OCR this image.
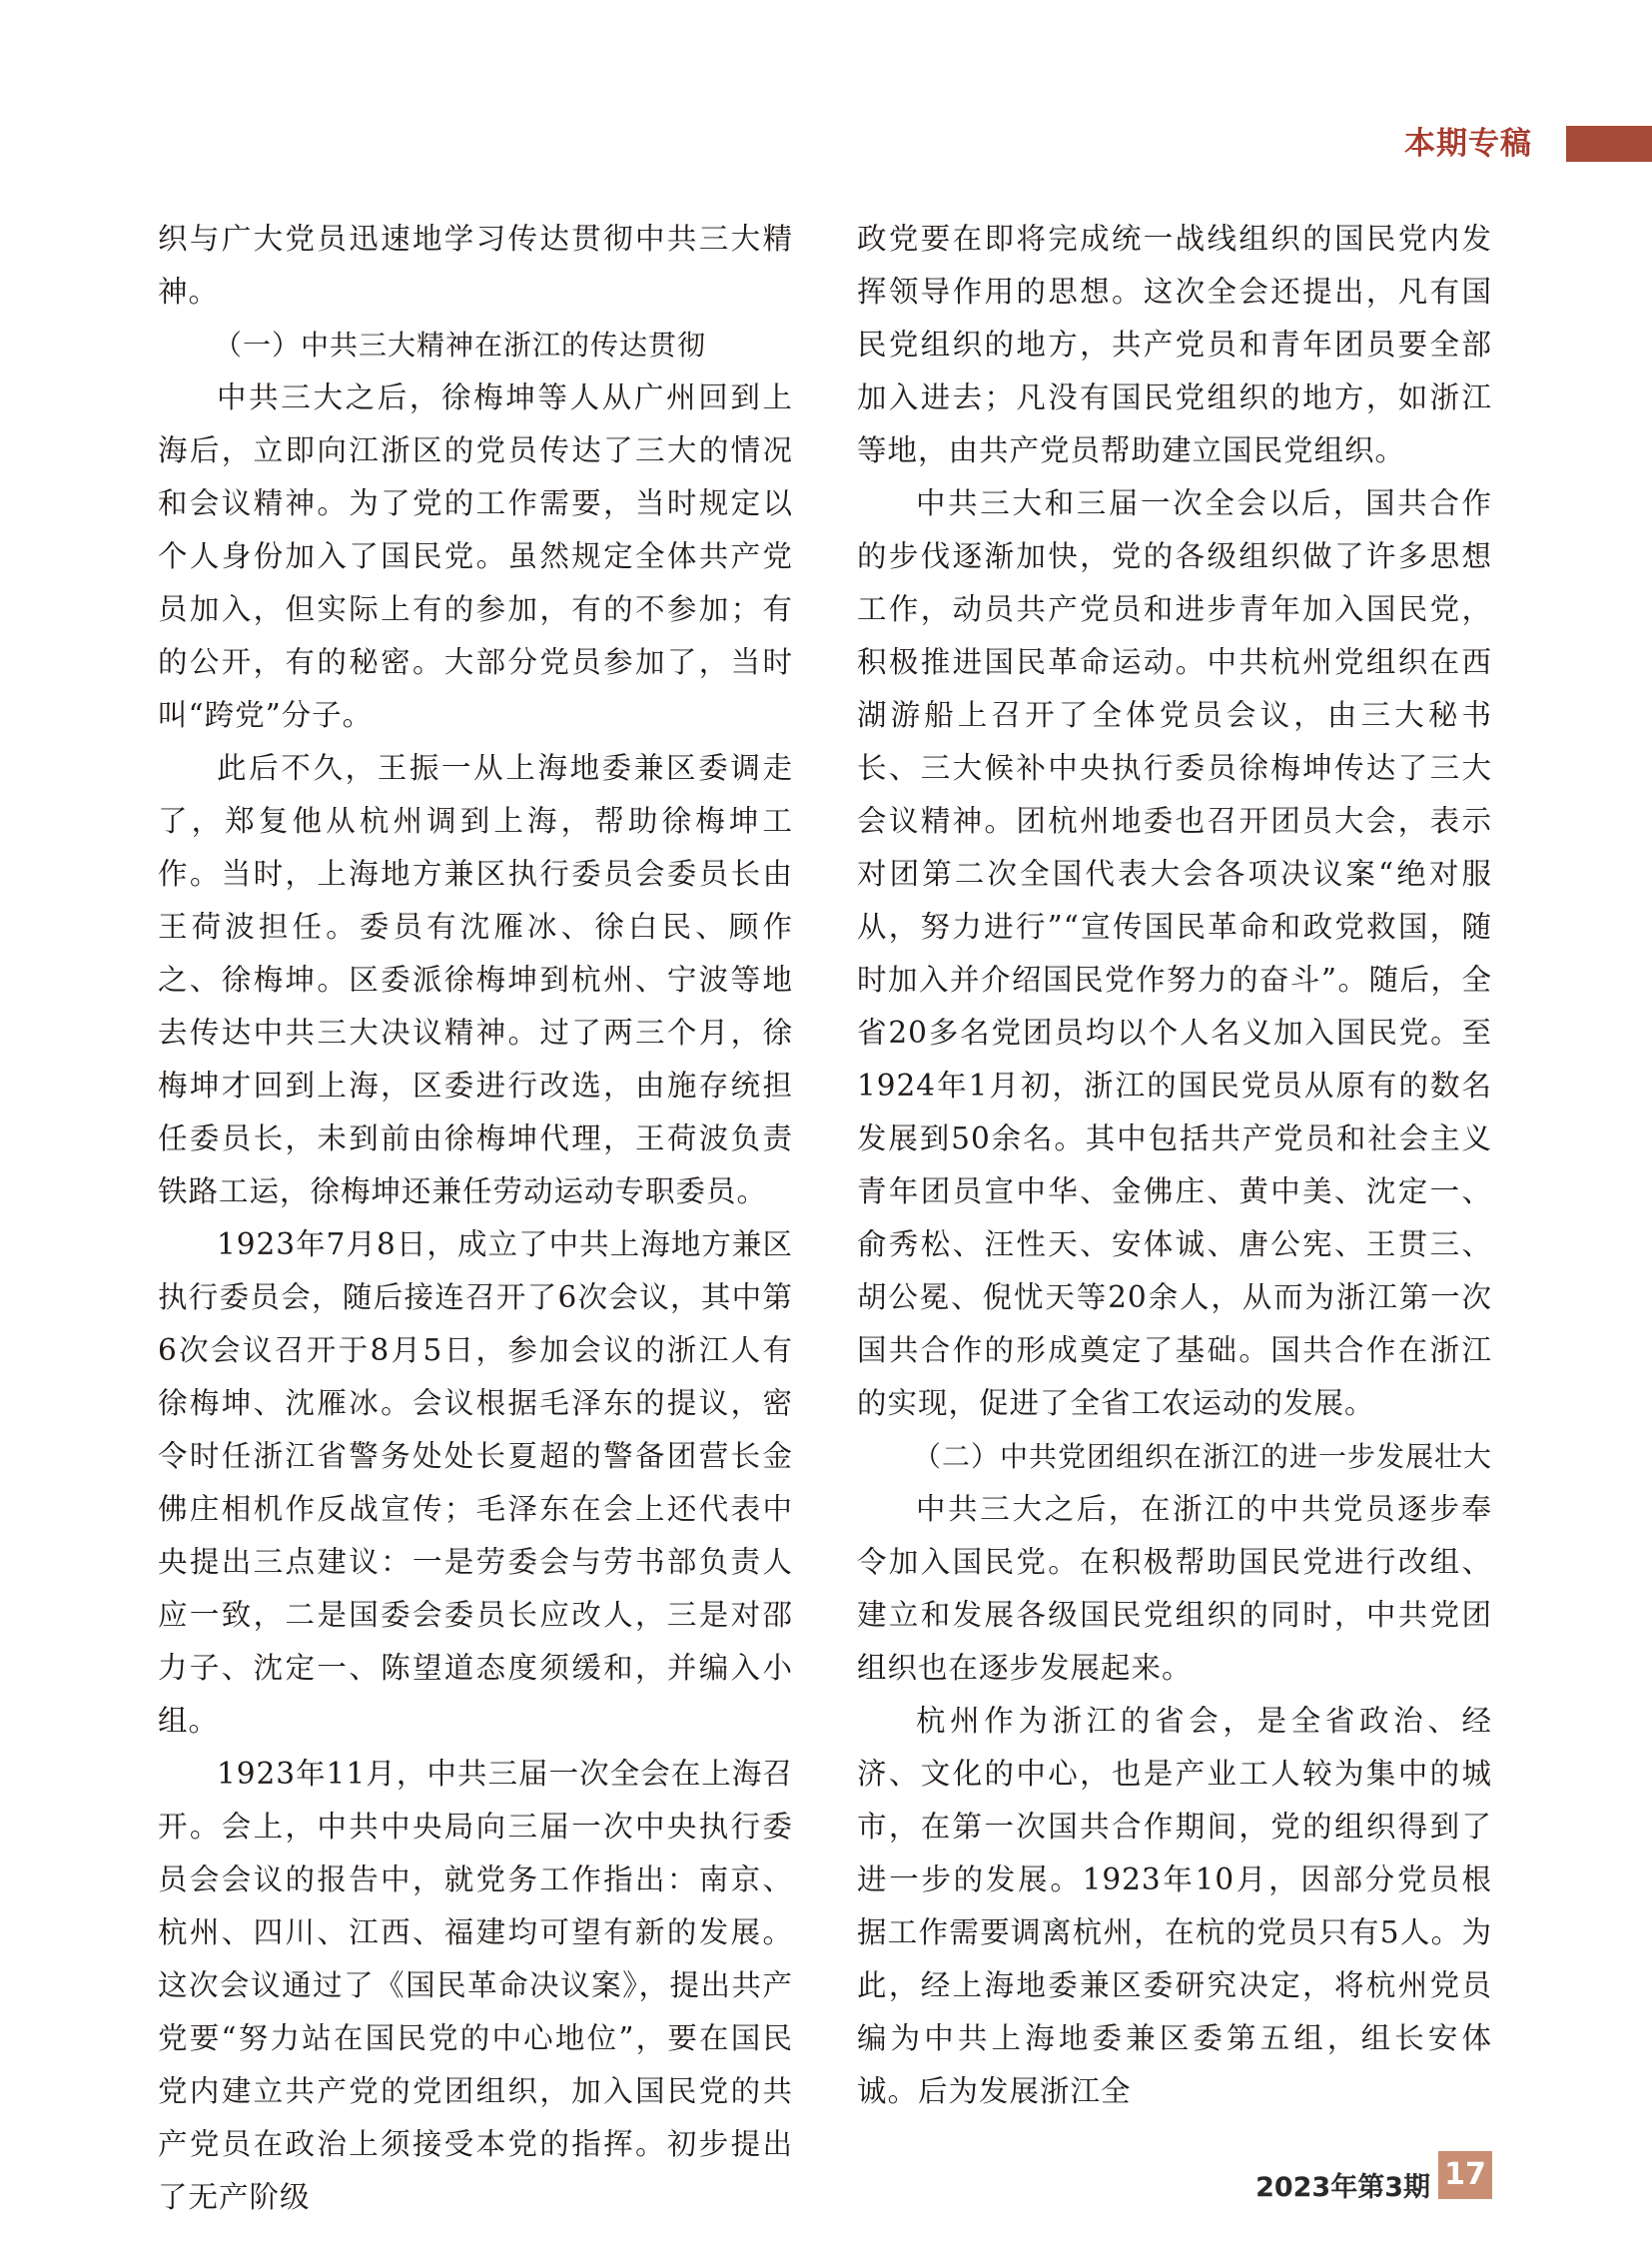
本期专稿

织与广大党员迅速地学习传达贯彻中共三大精神。

（一）中共三大精神在浙江的传达贯彻

中共三大之后，徐梅坤等人从广州回到上海后，立即向江浙区的党员传达了三大的情况和会议精神。为了党的工作需要，当时规定以个人身份加入了国民党。虽然规定全体共产党员加入，但实际上有的参加，有的不参加；有的公开，有的秘密。大部分党员参加了，当时叫“跨党”分子。

此后不久，王振一从上海地委兼区委调走了，郑复他从杭州调到上海，帮助徐梅坤工作。当时，上海地方兼区执行委员会委员长由王荷波担任。委员有沈雁冰、徐白民、顾作之、徐梅坤。区委派徐梅坤到杭州、宁波等地去传达中共三大决议精神。过了两三个月，徐梅坤才回到上海，区委进行改选，由施存统担任委员长，未到前由徐梅坤代理，王荷波负责铁路工运，徐梅坤还兼任劳动运动专职委员。

1923年7月8日，成立了中共上海地方兼区执行委员会，随后接连召开了6次会议，其中第6次会议召开于8月5日，参加会议的浙江人有徐梅坤、沈雁冰。会议根据毛泽东的提议，密令时任浙江省警务处处长夏超的警备团营长金佛庄相机作反战宣传；毛泽东在会上还代表中央提出三点建议：一是劳委会与劳书部负责人应一致，二是国委会委员长应改人，三是对邵力子、沈定一、陈望道态度须缓和，并编入小组。

1923年11月，中共三届一次全会在上海召开。会上，中共中央局向三届一次中央执行委员会会议的报告中，就党务工作指出：南京、杭州、四川、江西、福建均可望有新的发展。这次会议通过了《国民革命决议案》，提出共产党要“努力站在国民党的中心地位”，要在国民党内建立共产党的党团组织，加入国民党的共产党员在政治上须接受本党的指挥。初步提出了无产阶级

政党要在即将完成统一战线组织的国民党内发挥领导作用的思想。这次全会还提出，凡有国民党组织的地方，共产党员和青年团员要全部加入进去；凡没有国民党组织的地方，如浙江等地，由共产党员帮助建立国民党组织。

中共三大和三届一次全会以后，国共合作的步伐逐渐加快，党的各级组织做了许多思想工作，动员共产党员和进步青年加入国民党，积极推进国民革命运动。中共杭州党组织在西湖游船上召开了全体党员会议，由三大秘书长、三大候补中央执行委员徐梅坤传达了三大会议精神。团杭州地委也召开团员大会，表示对团第二次全国代表大会各项决议案“绝对服从，努力进行”“宣传国民革命和政党救国，随时加入并介绍国民党作努力的奋斗”。随后，全省20多名党团员均以个人名义加入国民党。至1924年1月初，浙江的国民党员从原有的数名发展到50余名。其中包括共产党员和社会主义青年团员宣中华、金佛庄、黄中美、沈定一、俞秀松、汪性天、安体诚、唐公宪、王贯三、胡公冕、倪忧天等20余人，从而为浙江第一次国共合作的形成奠定了基础。国共合作在浙江的实现，促进了全省工农运动的发展。

（二）中共党团组织在浙江的进一步发展壮大

中共三大之后，在浙江的中共党员逐步奉令加入国民党。在积极帮助国民党进行改组、建立和发展各级国民党组织的同时，中共党团组织也在逐步发展起来。

杭州作为浙江的省会，是全省政治、经济、文化的中心，也是产业工人较为集中的城市，在第一次国共合作期间，党的组织得到了进一步的发展。1923年10月，因部分党员根据工作需要调离杭州，在杭的党员只有5人。为此，经上海地委兼区委研究决定，将杭州党员编为中共上海地委兼区委第五组，组长安体诚。后为发展浙江全

2023年第3期 17
